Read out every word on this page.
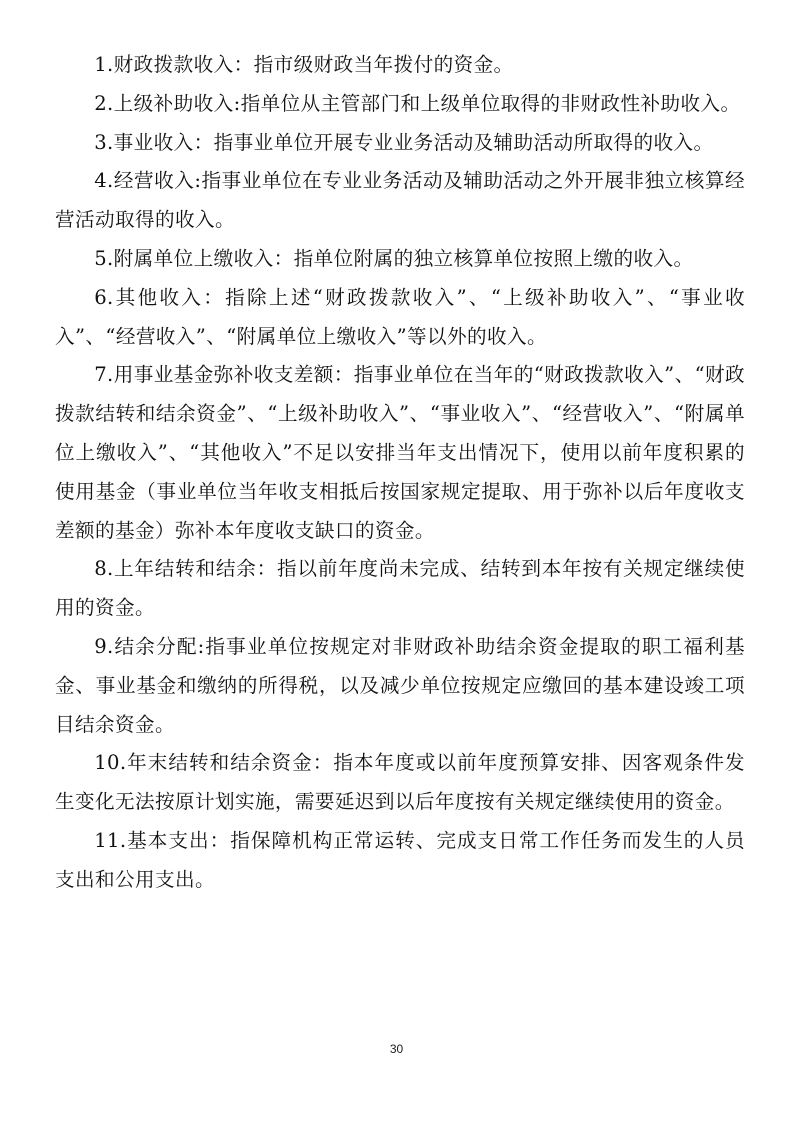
1.财政拨款收入：指市级财政当年拨付的资金。

2.上级补助收入:指单位从主管部门和上级单位取得的非财政性补助收入。

3.事业收入：指事业单位开展专业业务活动及辅助活动所取得的收入。

4.经营收入:指事业单位在专业业务活动及辅助活动之外开展非独立核算经营活动取得的收入。

5.附属单位上缴收入：指单位附属的独立核算单位按照上缴的收入。

6.其他收入：指除上述“财政拨款收入”、“上级补助收入”、“事业收入”、“经营收入”、“附属单位上缴收入”等以外的收入。

7.用事业基金弥补收支差额：指事业单位在当年的“财政拨款收入”、“财政拨款结转和结余资金”、“上级补助收入”、“事业收入”、“经营收入”、“附属单位上缴收入”、“其他收入”不足以安排当年支出情况下，使用以前年度积累的使用基金（事业单位当年收支相抵后按国家规定提取、用于弥补以后年度收支差额的基金）弥补本年度收支缺口的资金。

8.上年结转和结余：指以前年度尚未完成、结转到本年按有关规定继续使用的资金。

9.结余分配:指事业单位按规定对非财政补助结余资金提取的职工福利基金、事业基金和缴纳的所得税，以及减少单位按规定应缴回的基本建设竣工项目结余资金。

10.年末结转和结余资金：指本年度或以前年度预算安排、因客观条件发生变化无法按原计划实施，需要延迟到以后年度按有关规定继续使用的资金。

11.基本支出：指保障机构正常运转、完成支日常工作任务而发生的人员支出和公用支出。

30
